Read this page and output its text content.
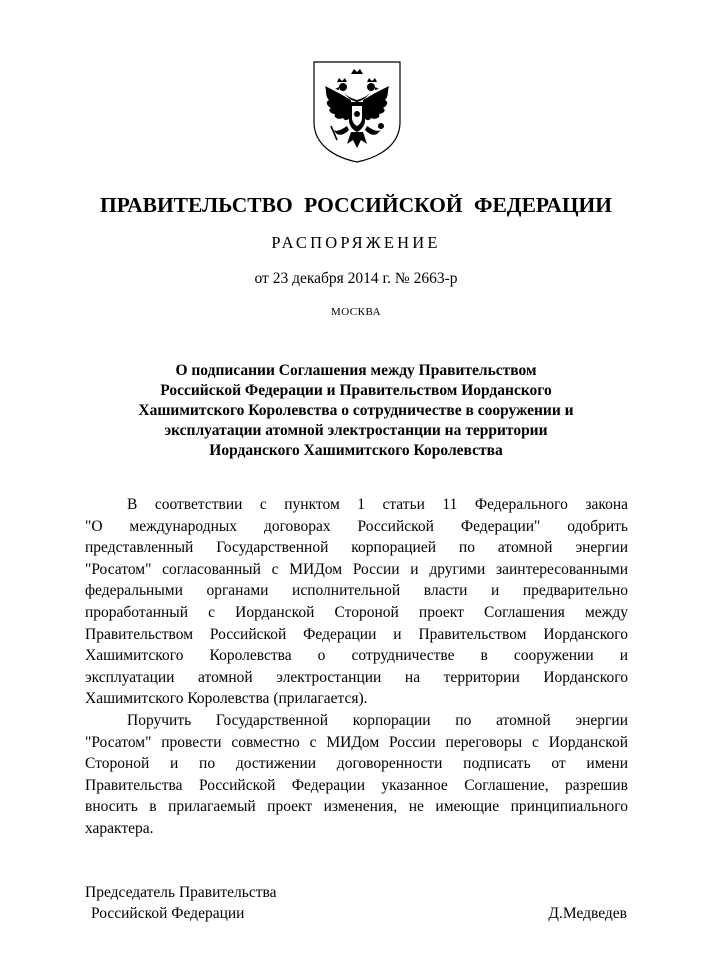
ПРАВИТЕЛЬСТВО РОССИЙСКОЙ ФЕДЕРАЦИИ
РАСПОРЯЖЕНИЕ
от 23 декабря 2014 г. № 2663-р
МОСКВА
О подписании Соглашения между Правительством
Российской Федерации и Правительством Иорданского
Хашимитского Королевства о сотрудничестве в сооружении и
эксплуатации атомной электростанции на территории
Иорданского Хашимитского Королевства
В соответствии с пунктом 1 статьи 11 Федерального закона
"О международных договорах Российской Федерации" одобрить
представленный Государственной корпорацией по атомной энергии
"Росатом" согласованный с МИДом России и другими заинтересованными
федеральными органами исполнительной власти и предварительно
проработанный с Иорданской Стороной проект Соглашения между
Правительством Российской Федерации и Правительством Иорданского
Хашимитского Королевства о сотрудничестве в сооружении и
эксплуатации атомной электростанции на территории Иорданского
Хашимитского Королевства (прилагается).
Поручить Государственной корпорации по атомной энергии
"Росатом" провести совместно с МИДом России переговоры с Иорданской
Стороной и по достижении договоренности подписать от имени
Правительства Российской Федерации указанное Соглашение, разрешив
вносить в прилагаемый проект изменения, не имеющие принципиального
характера.
Председатель Правительства
Российской Федерации	Д.Медведев
